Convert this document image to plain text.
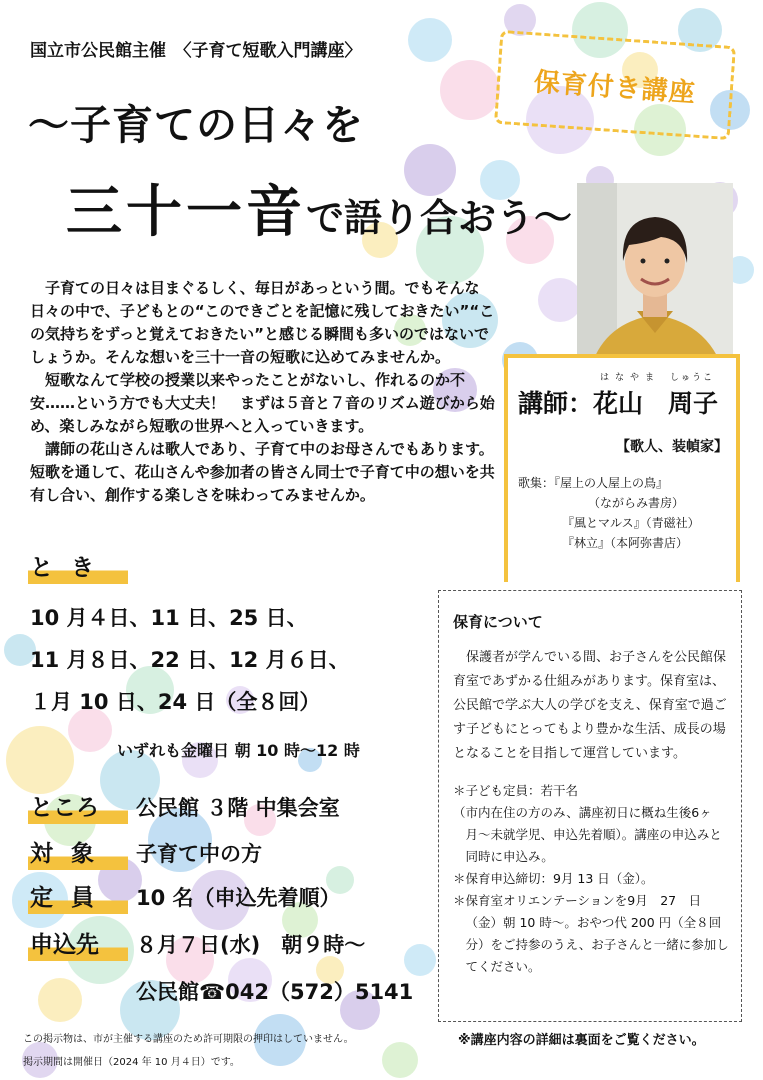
国立市公民館主催　〈子育て短歌入門講座〉
保育付き講座
〜子育ての日々を
三十一音で語り合おう〜
はなやま しゅうこ
講師：花山　周子
【歌人、装幀家】
歌集：『屋上の人屋上の鳥』
（ながらみ書房）
『風とマルス』（青磁社）
『林立』（本阿弥書店）

子育ての日々は目まぐるしく、毎日があっという間。でもそんな日々の中で、子どもとの“このできごとを記憶に残しておきたい”“この気持ちをずっと覚えておきたい”と感じる瞬間も多いのではないでしょうか。そんな想いを三十一音の短歌に込めてみませんか。

短歌なんて学校の授業以来やったことがないし、作れるのか不安……という方でも大丈夫！　まずは５音と７音のリズム遊びから始め、楽しみながら短歌の世界へと入っていきます。

講師の花山さんは歌人であり、子育て中のお母さんでもあります。短歌を通して、花山さんや参加者の皆さん同士で子育て中の想いを共有し合い、創作する楽しさを味わってみませんか。

とき
10 月４日、11 日、25 日、
11 月８日、22 日、12 月６日、
１月 10 日、24 日（全８回）
いずれも金曜日 朝 10 時〜12 時
ところ 公民館 ３階 中集会室
対象 子育て中の方
定員 10 名（申込先着順）
申込先 ８月７日(水)　朝９時〜
公民館☎042（572）5141
保育について
保護者が学んでいる間、お子さんを公民館保育室であずかる仕組みがあります。保育室は、公民館で学ぶ大人の学びを支え、保育室で過ごす子どもにとってもより豊かな生活、成長の場となることを目指して運営しています。
＊子ども定員：若干名
（市内在住の方のみ、講座初日に概ね生後6ヶ月〜未就学児、申込先着順）。講座の申込みと同時に申込み。
＊保育申込締切：9月 13 日（金）。
＊保育室オリエンテーションを9月　27　日（金）朝 10 時〜。おやつ代 200 円（全８回分）をご持参のうえ、お子さんと一緒に参加してください。
※講座内容の詳細は裏面をご覧ください。
この掲示物は、市が主催する講座のため許可期限の押印はしていません。
掲示期間は開催日（2024 年 10 月４日）です。
